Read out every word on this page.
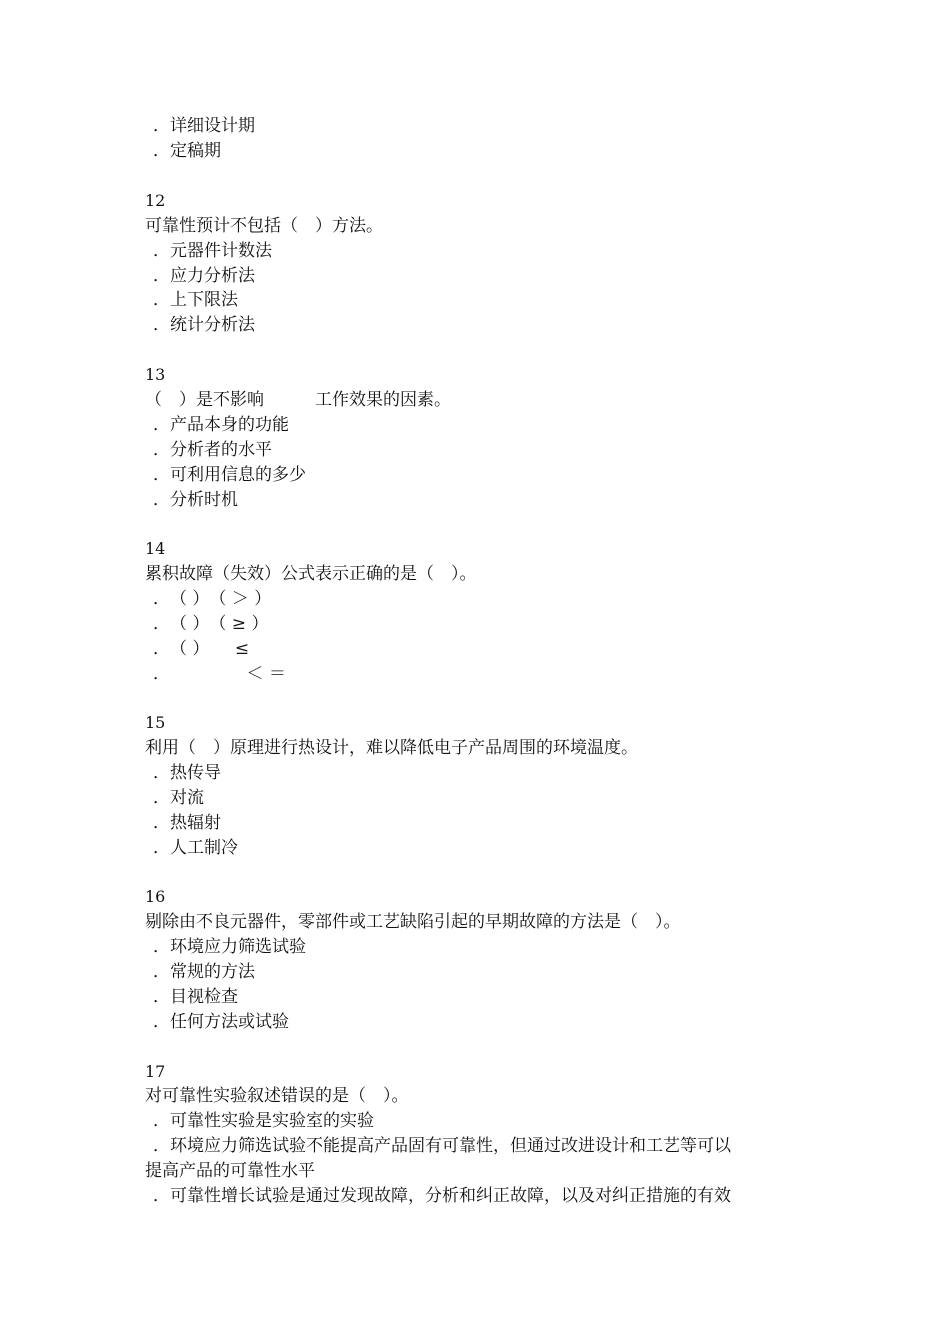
．详细设计期
．定稿期
12
可靠性预计不包括（　）方法。
．元器件计数法
．应力分析法
．上下限法
．统计分析法
13
（　）是不影响　　　工作效果的因素。
．产品本身的功能
．分析者的水平
．可利用信息的多少
．分析时机
14
累积故障（失效）公式表示正确的是（　）。
．　（ ）　（ ＞ ）
．　（ ）　（ ≥ ）
．　（ ）　　≤
．　　　　　＜ ＝
15
利用（　）原理进行热设计，难以降低电子产品周围的环境温度。
．热传导
．对流
．热辐射
．人工制冷
16
剔除由不良元器件，零部件或工艺缺陷引起的早期故障的方法是（　）。
．环境应力筛选试验
．常规的方法
．目视检查
．任何方法或试验
17
对可靠性实验叙述错误的是（　）。
．可靠性实验是实验室的实验
．环境应力筛选试验不能提高产品固有可靠性，但通过改进设计和工艺等可以
提高产品的可靠性水平
．可靠性增长试验是通过发现故障，分析和纠正故障，以及对纠正措施的有效
